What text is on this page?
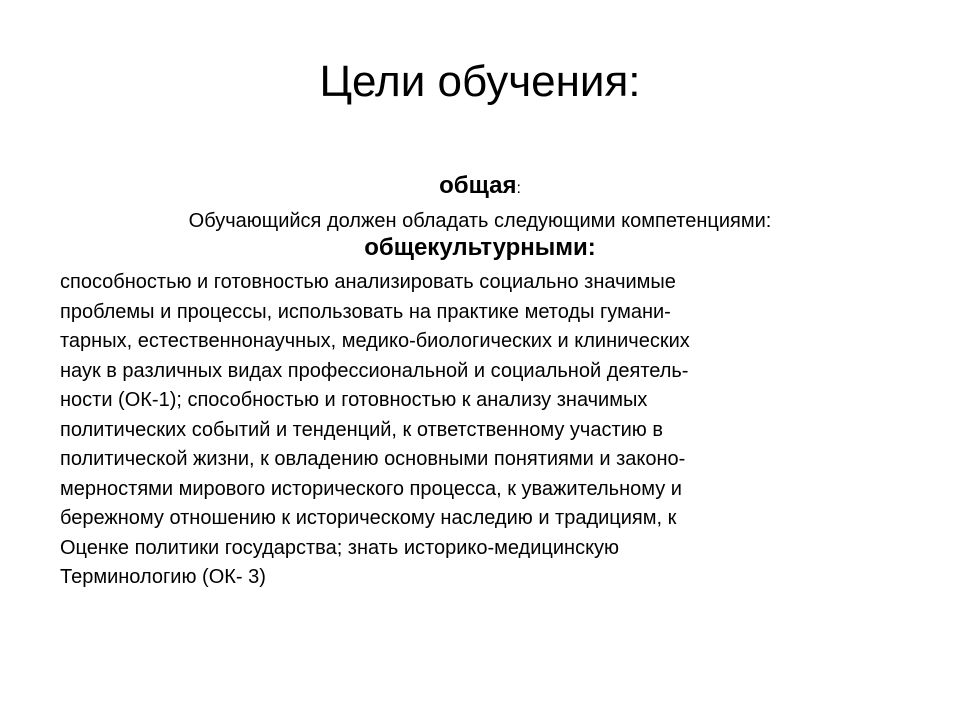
Цели обучения:

общая:

Обучающийся должен обладать следующими компетенциями:

общекультурными:

способностью и готовностью анализировать социально значимые
проблемы и процессы, использовать на практике методы гумани-
тарных, естественнонаучных, медико-биологических и клинических
наук в различных видах профессиональной и социальной деятель-
ности (ОК-1); способностью и готовностью к анализу значимых
политических событий и тенденций, к ответственному участию в
политической жизни, к овладению основными понятиями и законо-
мерностями мирового исторического процесса, к уважительному и
бережному отношению к историческому наследию и традициям, к
Оценке политики государства; знать историко-медицинскую
Терминологию (ОК- 3)
